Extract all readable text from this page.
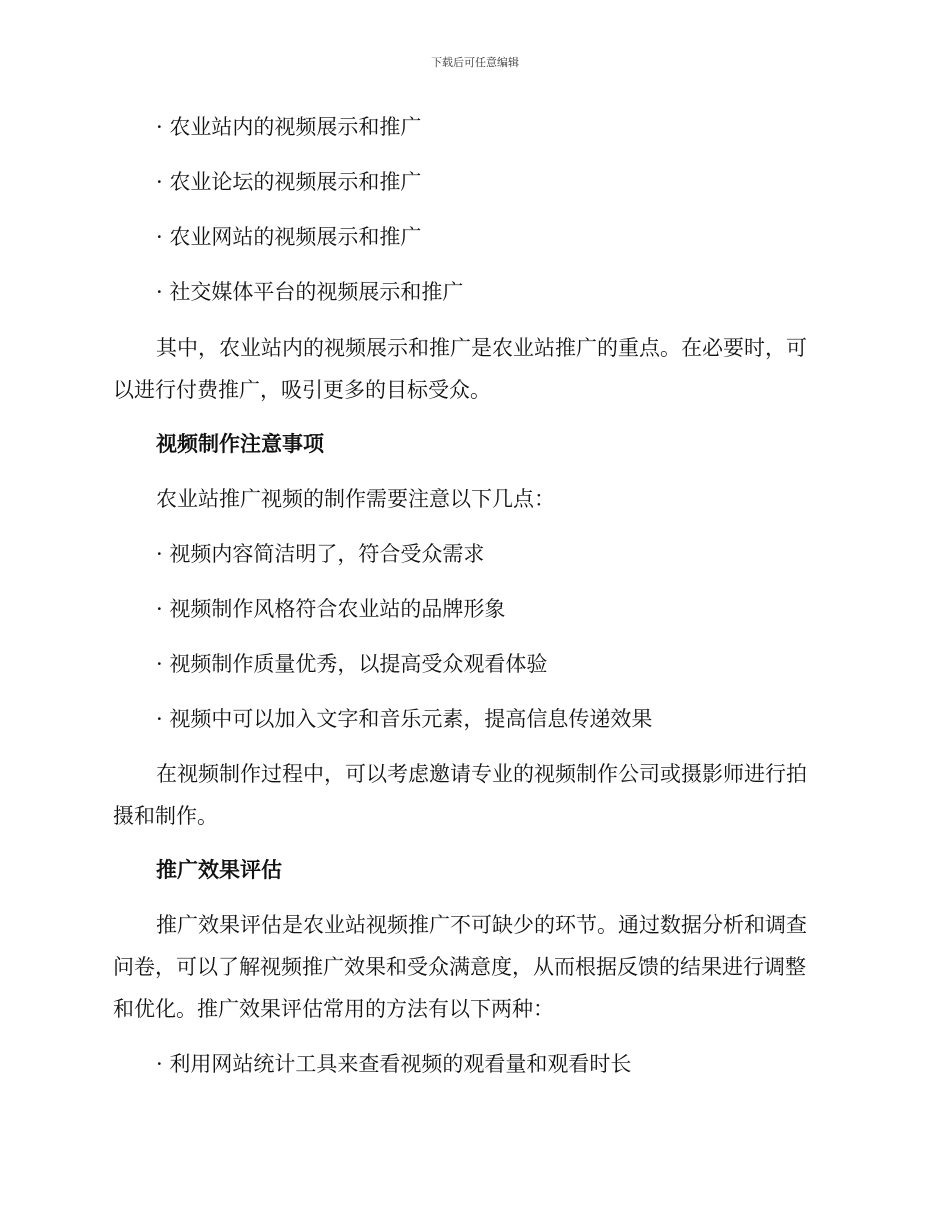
下载后可任意编辑
· 农业站内的视频展示和推广
· 农业论坛的视频展示和推广
· 农业网站的视频展示和推广
· 社交媒体平台的视频展示和推广
其中，农业站内的视频展示和推广是农业站推广的重点。在必要时，可
以进行付费推广，吸引更多的目标受众。
视频制作注意事项
农业站推广视频的制作需要注意以下几点：
· 视频内容简洁明了，符合受众需求
· 视频制作风格符合农业站的品牌形象
· 视频制作质量优秀，以提高受众观看体验
· 视频中可以加入文字和音乐元素，提高信息传递效果
在视频制作过程中，可以考虑邀请专业的视频制作公司或摄影师进行拍
摄和制作。
推广效果评估
推广效果评估是农业站视频推广不可缺少的环节。通过数据分析和调查
问卷，可以了解视频推广效果和受众满意度，从而根据反馈的结果进行调整
和优化。推广效果评估常用的方法有以下两种：
· 利用网站统计工具来查看视频的观看量和观看时长
